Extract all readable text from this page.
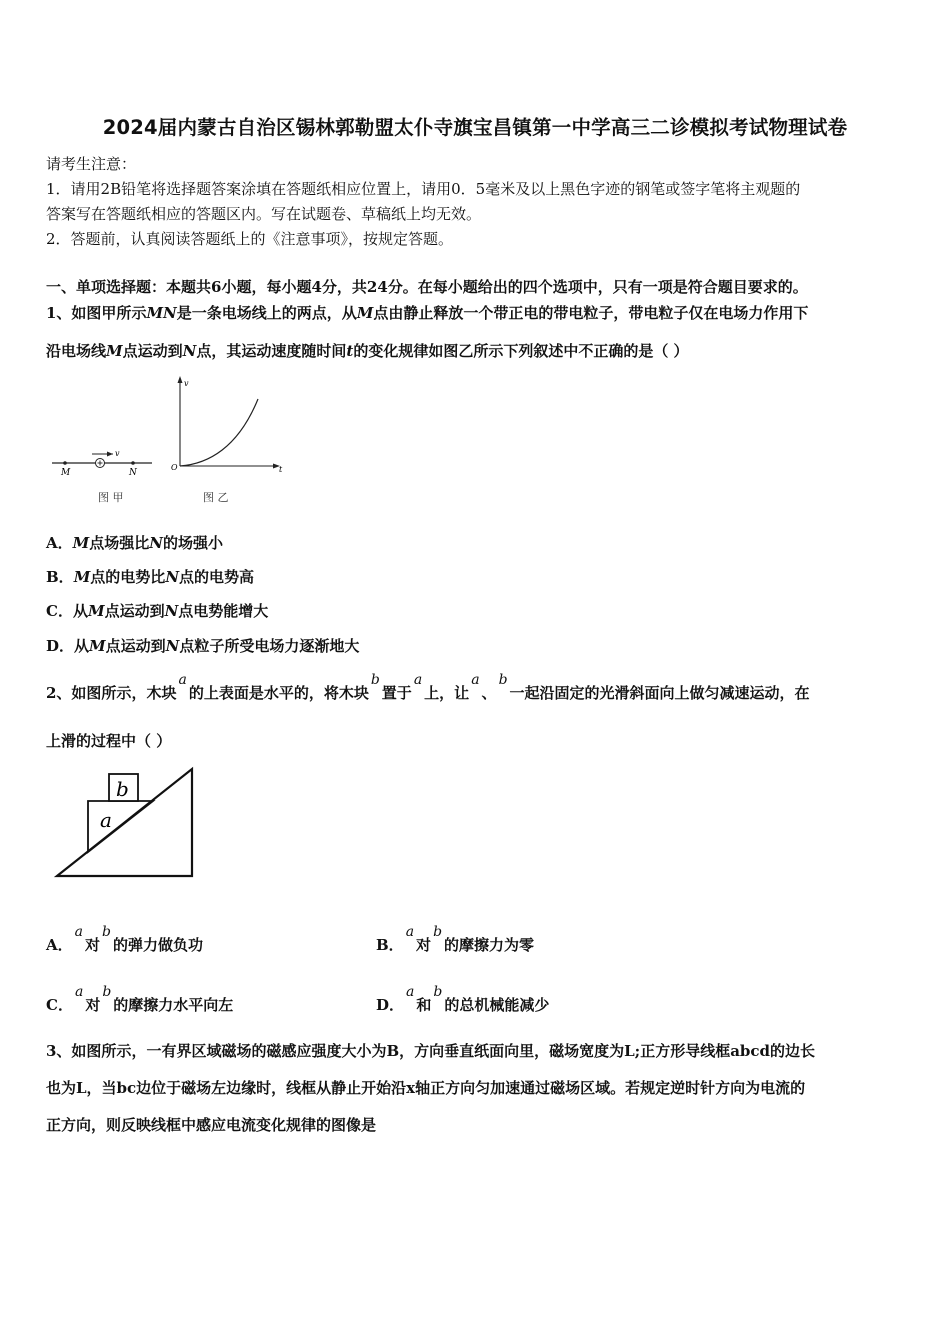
2024届内蒙古自治区锡林郭勒盟太仆寺旗宝昌镇第一中学高三二诊模拟考试物理试卷
请考生注意：
1．请用2B铅笔将选择题答案涂填在答题纸相应位置上，请用0．5毫米及以上黑色字迹的钢笔或签字笔将主观题的
答案写在答题纸相应的答题区内。写在试题卷、草稿纸上均无效。
2．答题前，认真阅读答题纸上的《注意事项》，按规定答题。
一、单项选择题：本题共6小题，每小题4分，共24分。在每小题给出的四个选项中，只有一项是符合题目要求的。
1、如图甲所示MN是一条电场线上的两点，从M点由静止释放一个带正电的带电粒子，带电粒子仅在电场力作用下
沿电场线M点运动到N点，其运动速度随时间t的变化规律如图乙所示下列叙述中不正确的是（ ）
v
M	N
图 甲
v
t
O
图 乙
A．M点场强比N的场强小
B．M点的电势比N点的电势高
C．从M点运动到N点电势能增大
D．从M点运动到N点粒子所受电场力逐渐地大
2、如图所示，木块$^a$的上表面是水平的，将木块$^b$置于$^a$上，让$^a$、$^b$一起沿固定的光滑斜面向上做匀减速运动，在
上滑的过程中（ ）
a
b
A．$^a$对$^b$的弹力做负功	B．$^a$对$^b$的摩擦力为零
C．$^a$对$^b$的摩擦力水平向左	D．$^a$和$^b$的总机械能减少
3、如图所示，一有界区域磁场的磁感应强度大小为B，方向垂直纸面向里，磁场宽度为L;正方形导线框abcd的边长
也为L，当bc边位于磁场左边缘时，线框从静止开始沿x轴正方向匀加速通过磁场区域。若规定逆时针方向为电流的
正方向，则反映线框中感应电流变化规律的图像是
